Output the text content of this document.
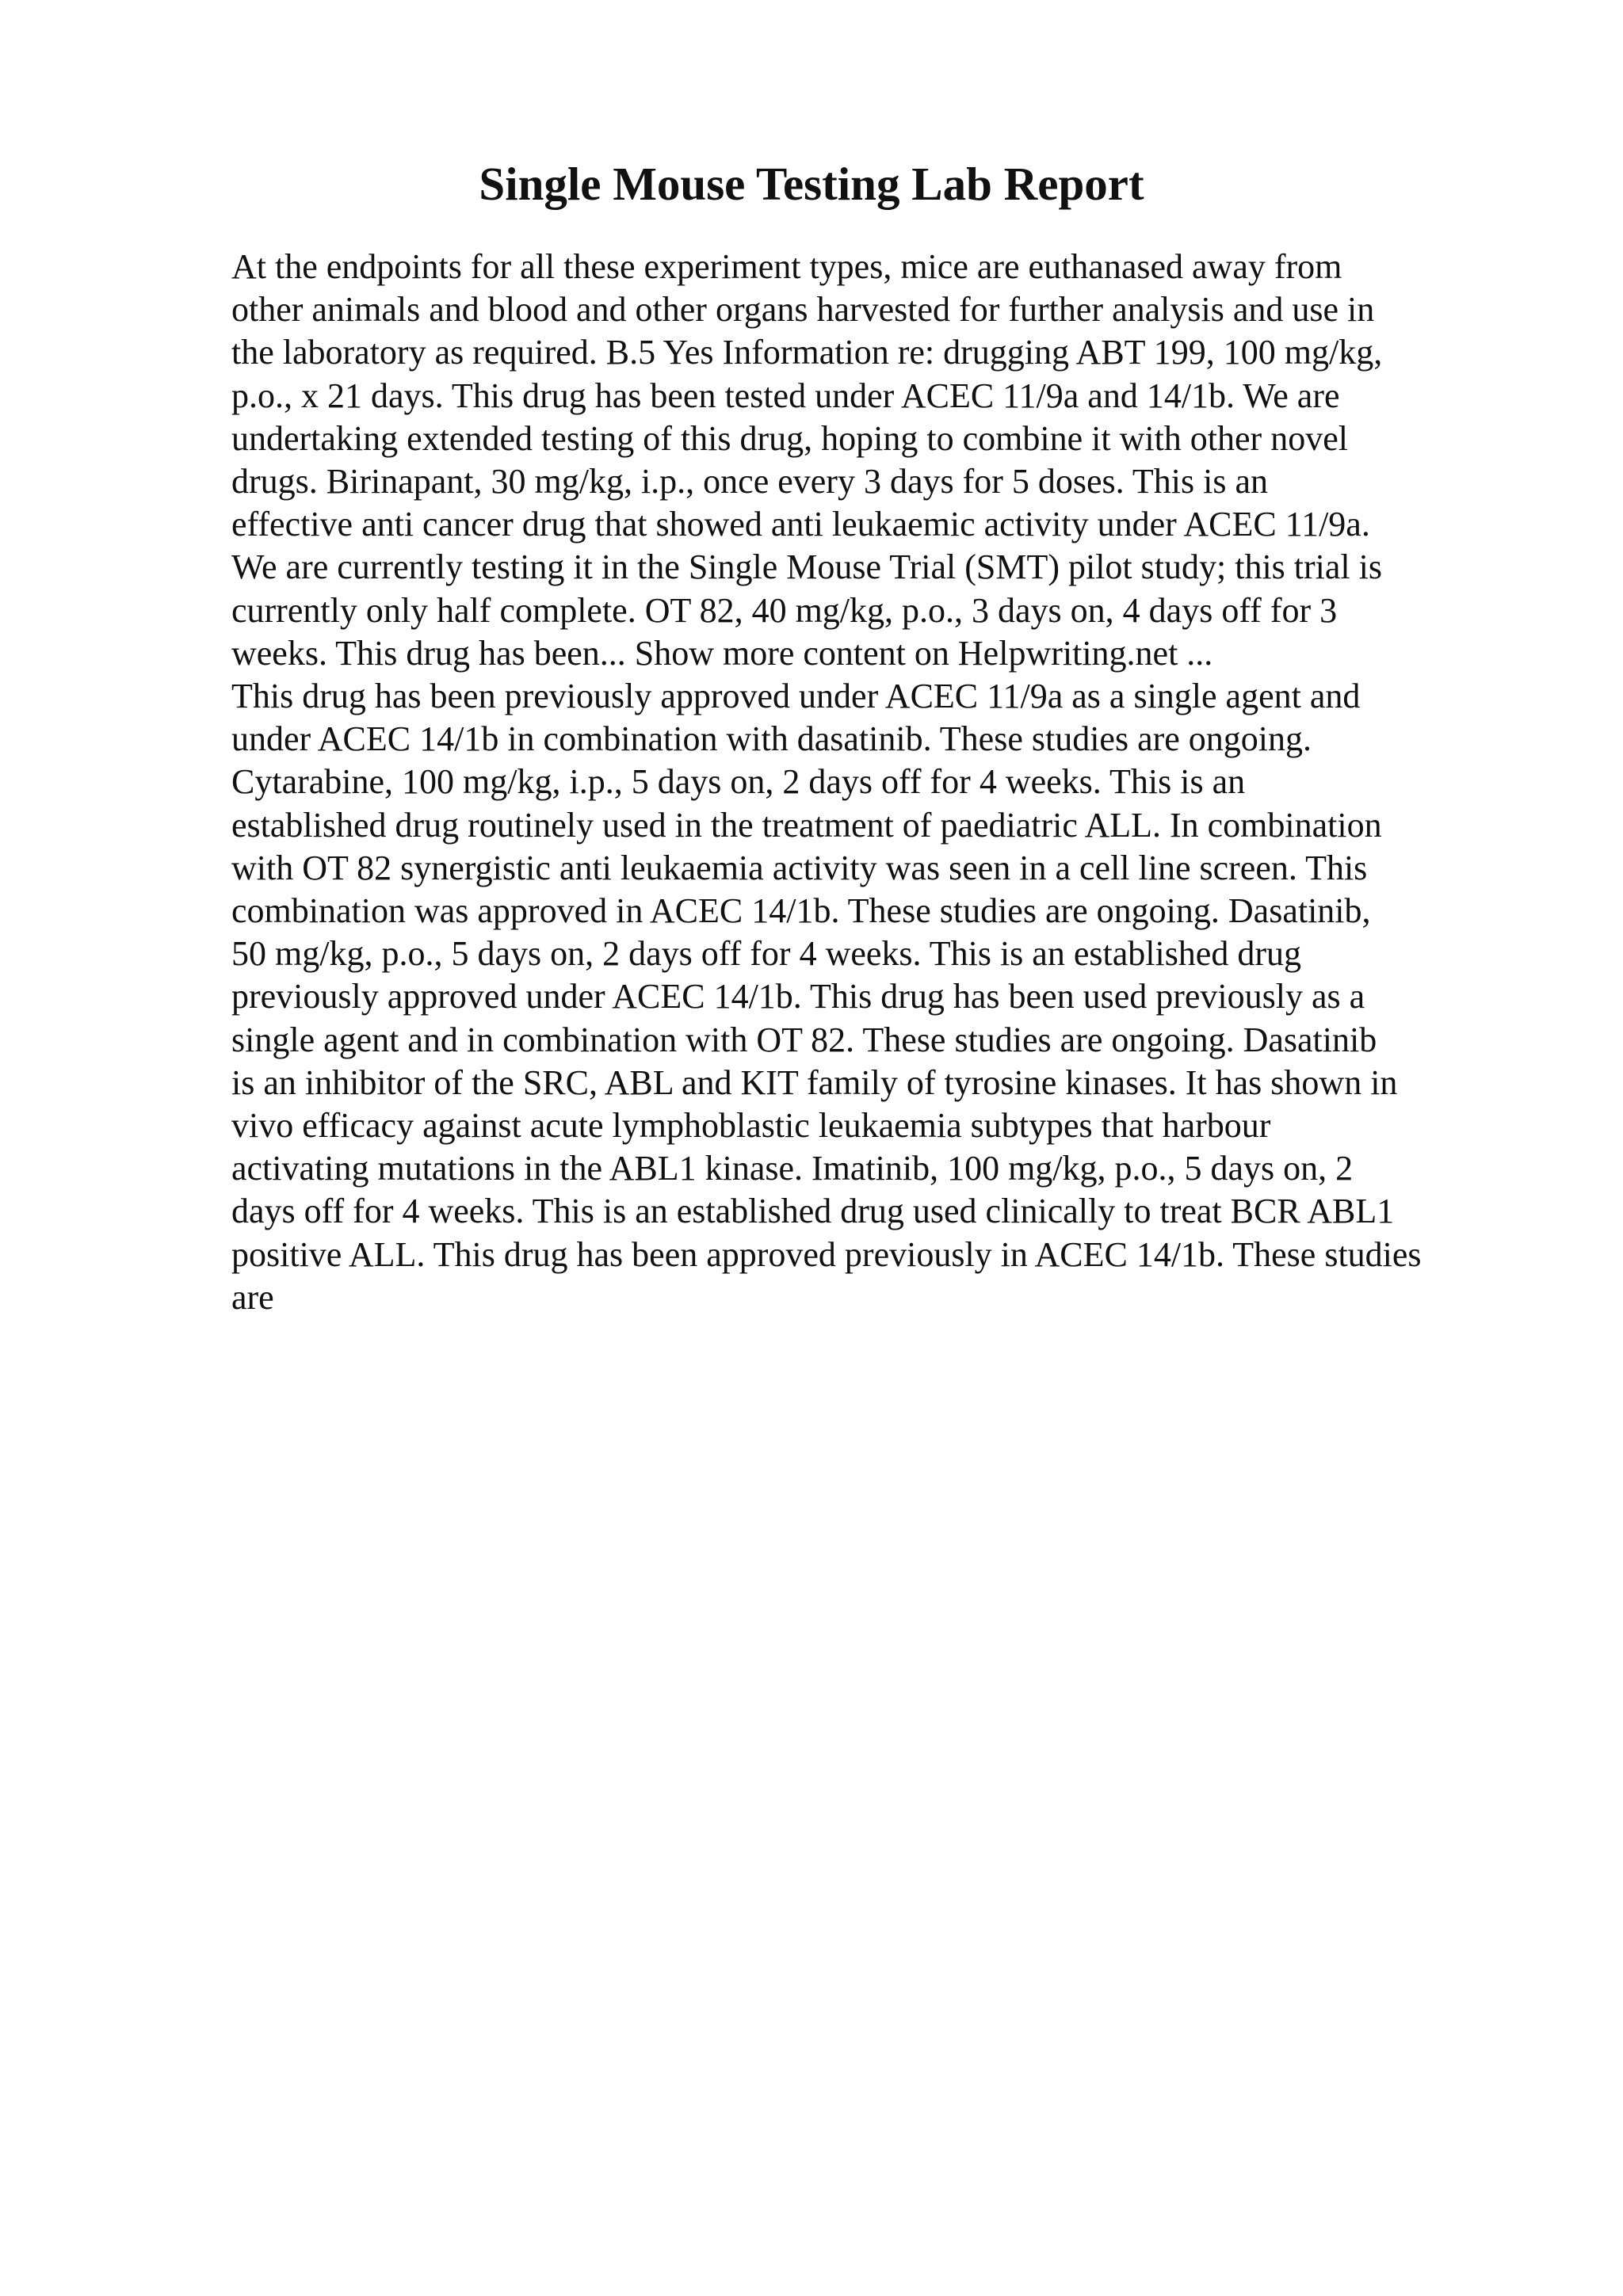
Single Mouse Testing Lab Report
At the endpoints for all these experiment types, mice are euthanased away from
other animals and blood and other organs harvested for further analysis and use in
the laboratory as required. B.5 Yes Information re: drugging ABT 199, 100 mg/kg,
p.o., x 21 days. This drug has been tested under ACEC 11/9a and 14/1b. We are
undertaking extended testing of this drug, hoping to combine it with other novel
drugs. Birinapant, 30 mg/kg, i.p., once every 3 days for 5 doses. This is an
effective anti cancer drug that showed anti leukaemic activity under ACEC 11/9a.
We are currently testing it in the Single Mouse Trial (SMT) pilot study; this trial is
currently only half complete. OT 82, 40 mg/kg, p.o., 3 days on, 4 days off for 3
weeks. This drug has been... Show more content on Helpwriting.net ...
This drug has been previously approved under ACEC 11/9a as a single agent and
under ACEC 14/1b in combination with dasatinib. These studies are ongoing.
Cytarabine, 100 mg/kg, i.p., 5 days on, 2 days off for 4 weeks. This is an
established drug routinely used in the treatment of paediatric ALL. In combination
with OT 82 synergistic anti leukaemia activity was seen in a cell line screen. This
combination was approved in ACEC 14/1b. These studies are ongoing. Dasatinib,
50 mg/kg, p.o., 5 days on, 2 days off for 4 weeks. This is an established drug
previously approved under ACEC 14/1b. This drug has been used previously as a
single agent and in combination with OT 82. These studies are ongoing. Dasatinib
is an inhibitor of the SRC, ABL and KIT family of tyrosine kinases. It has shown in
vivo efficacy against acute lymphoblastic leukaemia subtypes that harbour
activating mutations in the ABL1 kinase. Imatinib, 100 mg/kg, p.o., 5 days on, 2
days off for 4 weeks. This is an established drug used clinically to treat BCR ABL1
positive ALL. This drug has been approved previously in ACEC 14/1b. These studies
are
